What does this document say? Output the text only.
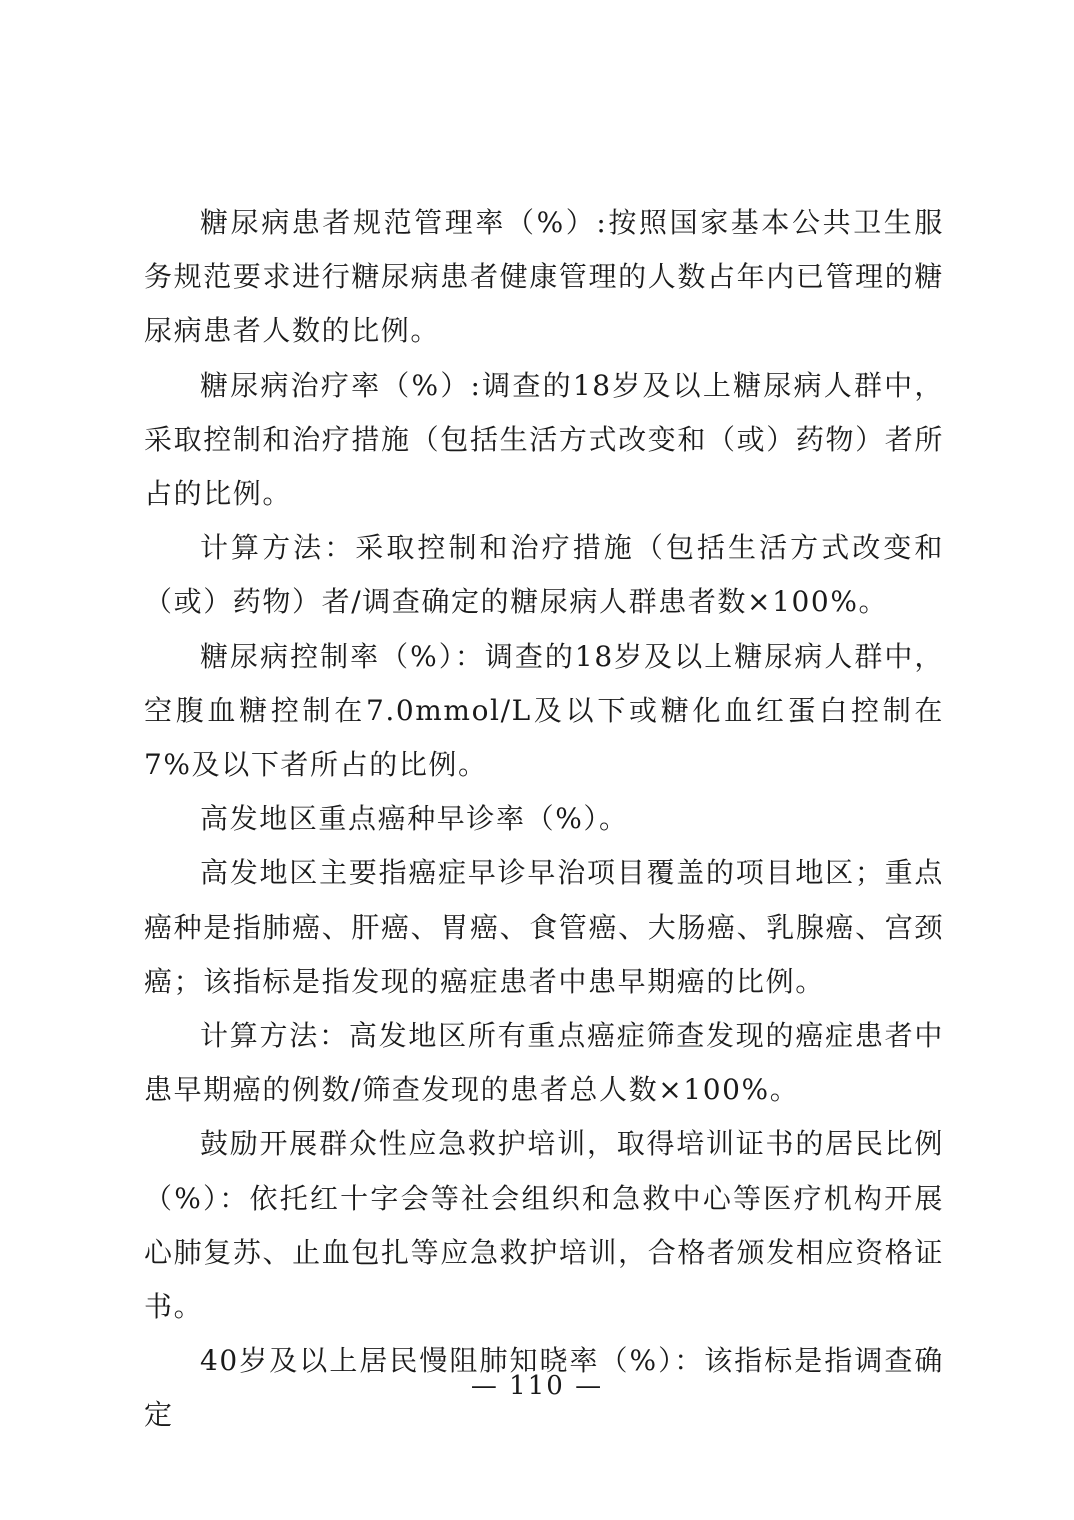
糖尿病患者规范管理率（%）:按照国家基本公共卫生服务规范要求进行糖尿病患者健康管理的人数占年内已管理的糖尿病患者人数的比例。

糖尿病治疗率（%）:调查的18岁及以上糖尿病人群中，采取控制和治疗措施（包括生活方式改变和（或）药物）者所占的比例。

计算方法：采取控制和治疗措施（包括生活方式改变和（或）药物）者/调查确定的糖尿病人群患者数×100%。

糖尿病控制率（%）：调查的18岁及以上糖尿病人群中，空腹血糖控制在7.0mmol/L及以下或糖化血红蛋白控制在7%及以下者所占的比例。

高发地区重点癌种早诊率（%）。

高发地区主要指癌症早诊早治项目覆盖的项目地区；重点癌种是指肺癌、肝癌、胃癌、食管癌、大肠癌、乳腺癌、宫颈癌；该指标是指发现的癌症患者中患早期癌的比例。

计算方法：高发地区所有重点癌症筛查发现的癌症患者中患早期癌的例数/筛查发现的患者总人数×100%。

鼓励开展群众性应急救护培训，取得培训证书的居民比例（%）：依托红十字会等社会组织和急救中心等医疗机构开展心肺复苏、止血包扎等应急救护培训，合格者颁发相应资格证书。

40岁及以上居民慢阻肺知晓率（%）：该指标是指调查确定

— 110 —
